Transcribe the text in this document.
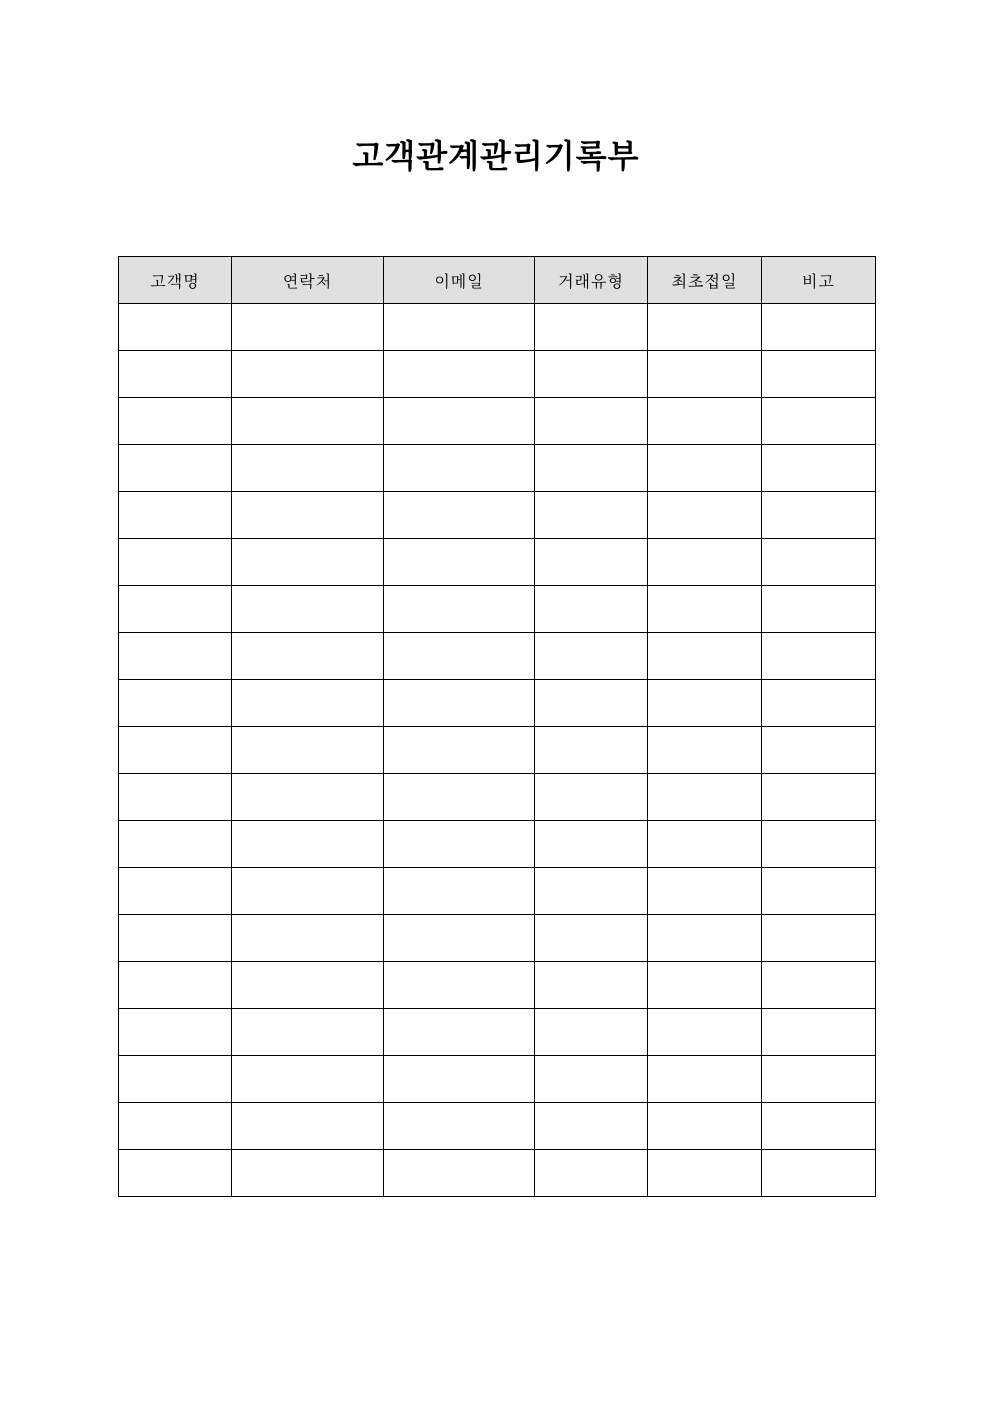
고객관계관리기록부
고객명	연락처	이메일	거래유형	최초접일	비고
